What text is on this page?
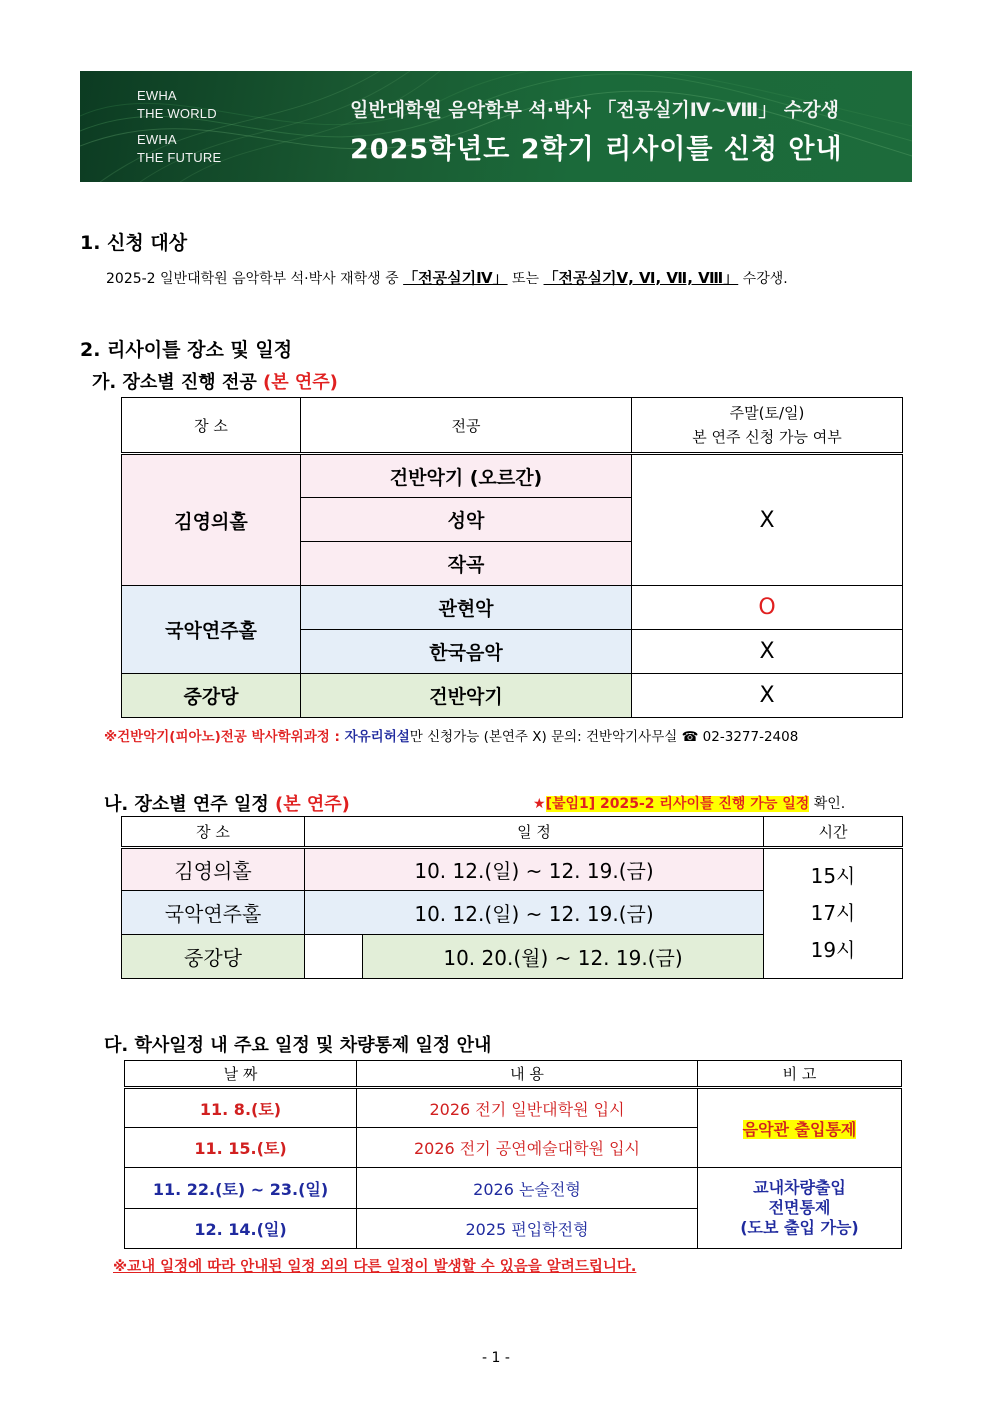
EWHA
THE WORLD
EWHA
THE FUTURE
일반대학원 음악학부 석·박사 「전공실기Ⅳ~Ⅷ」 수강생
2025학년도 2학기 리사이틀 신청 안내
1. 신청 대상
2025-2 일반대학원 음악학부 석·박사 재학생 중 「전공실기Ⅳ」 또는 「전공실기Ⅴ, Ⅵ, Ⅶ, Ⅷ」 수강생.
2. 리사이틀 장소 및 일정
가. 장소별 진행 전공 (본 연주)
장 소	전공	주말(토/일)
본 연주 신청 가능 여부

김영의홀	건반악기 (오르간)	X
	성악	
	작곡	
국악연주홀	관현악	O
	한국음악	X
중강당	건반악기	X
※건반악기(피아노)전공 박사학위과정 : 자유리허설만 신청가능 (본연주 X) 문의: 건반악기사무실 ☎ 02-3277-2408
나. 장소별 연주 일정 (본 연주)	★[붙임1] 2025-2 리사이틀 진행 가능 일정 확인.
장 소	일 정		시간
김영의홀	10. 12.(일) ~ 12. 19.(금)		15시
17시
19시

국악연주홀	10. 12.(일) ~ 12. 19.(금)		
중강당		10. 20.(월) ~ 12. 19.(금)	
다. 학사일정 내 주요 일정 및 차량통제 일정 안내
날 짜	내 용	비 고
11. 8.(토)	2026 전기 일반대학원 입시	음악관 출입통제
11. 15.(토)	2026 전기 공연예술대학원 입시	
11. 22.(토) ~ 23.(일)	2026 논술전형	교내차량출입
전면통제
(도보 출입 가능)

12. 14.(일)	2025 편입학전형	
※교내 일정에 따라 안내된 일정 외의 다른 일정이 발생할 수 있음을 알려드립니다.
- 1 -
